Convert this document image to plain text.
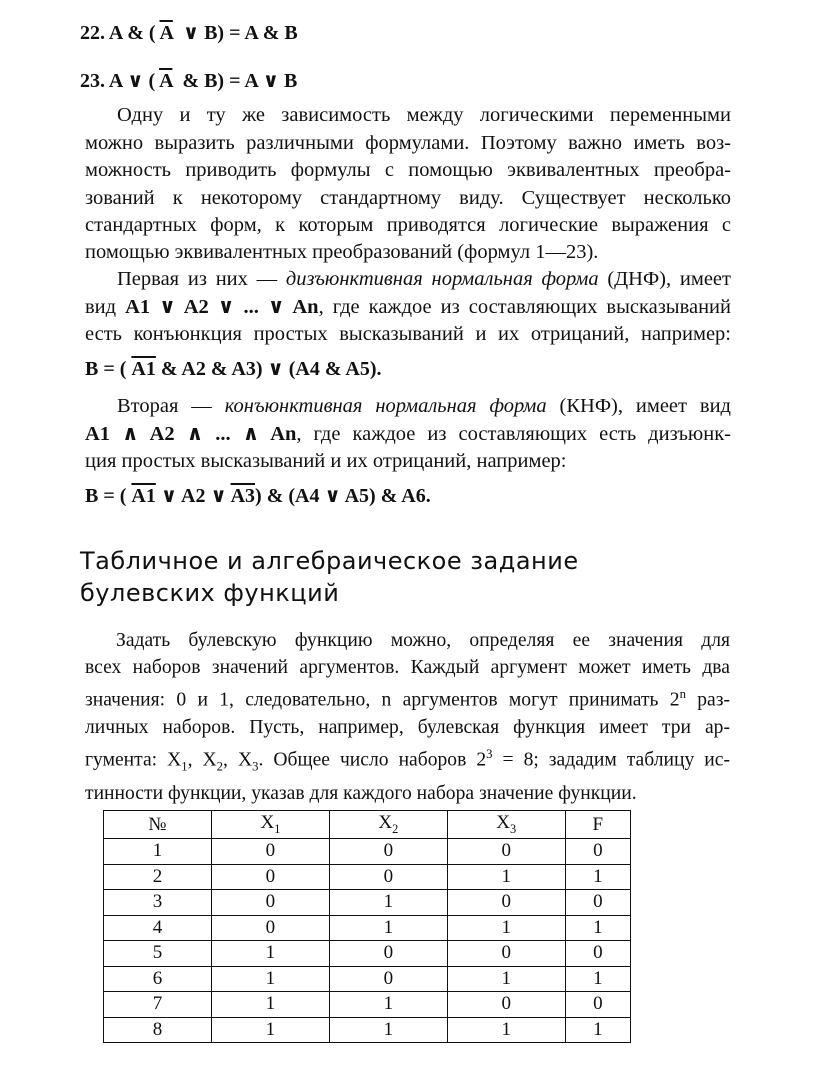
22. A & ( $\overline{A}$ ∨ B) = A & B
23. A ∨ ( $\overline{A}$ & B) = A ∨ B
Одну и ту же зависимость между логическими переменными
можно выразить различными формулами. Поэтому важно иметь воз-
можность приводить формулы с помощью эквивалентных преобра-
зований к некоторому стандартному виду. Существует несколько
стандартных форм, к которым приводятся логические выражения с
помощью эквивалентных преобразований (формул 1—23).
Первая из них — дизъюнктивная нормальная форма (ДНФ), имеет
вид A1 ∨ A2 ∨ ... ∨ An, где каждое из составляющих высказываний
есть конъюнкция простых высказываний и их отрицаний, например:
B = ( A1 & A2 & A3) ∨ (A4 & A5).
Вторая — конъюнктивная нормальная форма (КНФ), имеет вид
A1 ∧ A2 ∧ ... ∧ An, где каждое из составляющих есть дизъюнк-
ция простых высказываний и их отрицаний, например:
B = ( A1 ∨ A2 ∨ A3) & (A4 ∨ A5) & A6.
Табличное и алгебраическое задание
булевских функций
Задать булевскую функцию можно, определяя ее значения для
всех наборов значений аргументов. Каждый аргумент может иметь два
значения: 0 и 1, следовательно, n аргументов могут принимать 2$^n$ раз-
личных наборов. Пусть, например, булевская функция имеет три ар-
гумента: $X_1$, $X_2$, $X_3$. Общее число наборов $2^3 = 8$; зададим таблицу ис-
тинности функции, указав для каждого набора значение функции.
№	$X_1$	$X_2$	$X_3$	F
1	0	0	0	0
2	0	0	1	1
3	0	1	0	0
4	0	1	1	1
5	1	0	0	0
6	1	0	1	1
7	1	1	0	0
8	1	1	1	1
